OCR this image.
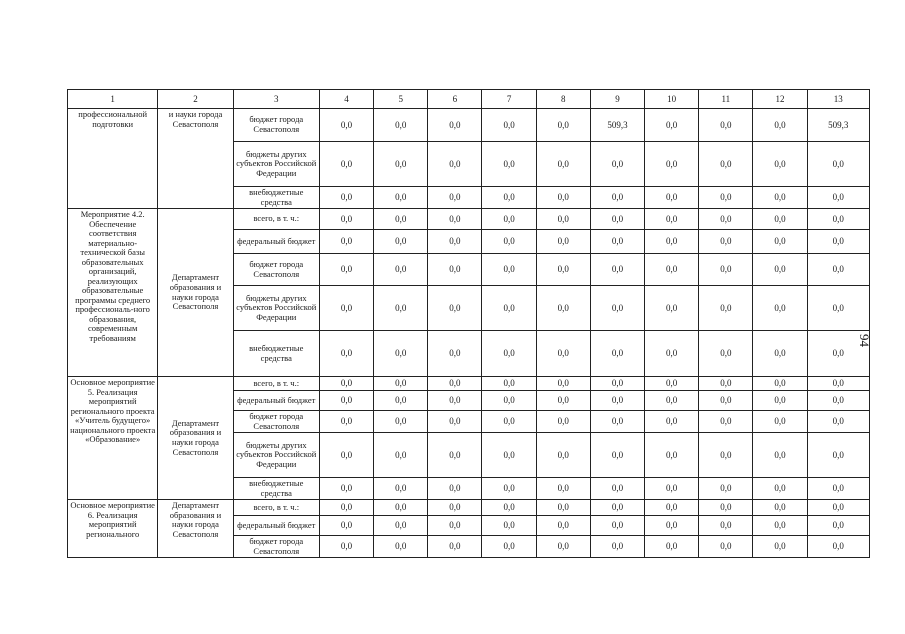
1	2	3	4	5	6	7	8	9	10	11	12	13
профессиональной подготовки	и науки города Севастополя	бюджет города Севастополя	0,0	0,0	0,0	0,0	0,0	509,3	0,0	0,0	0,0	509,3
		бюджеты других субъектов Российской Федерации	0,0	0,0	0,0	0,0	0,0	0,0	0,0	0,0	0,0	0,0
		внебюджетные средства	0,0	0,0	0,0	0,0	0,0	0,0	0,0	0,0	0,0	0,0
Мероприятие 4.2. Обеспечение соответствия материально-технической базы образовательных организаций, реализующих образовательные программы среднего профессиональ-ного образования, современным требованиям	Департамент образования и науки города Севастополя	всего, в т. ч.:	0,0	0,0	0,0	0,0	0,0	0,0	0,0	0,0	0,0	0,0
		федеральный бюджет	0,0	0,0	0,0	0,0	0,0	0,0	0,0	0,0	0,0	0,0
		бюджет города Севастополя	0,0	0,0	0,0	0,0	0,0	0,0	0,0	0,0	0,0	0,0
		бюджеты других субъектов Российской Федерации	0,0	0,0	0,0	0,0	0,0	0,0	0,0	0,0	0,0	0,0
		внебюджетные средства	0,0	0,0	0,0	0,0	0,0	0,0	0,0	0,0	0,0	0,0
Основное мероприятие 5. Реализация мероприятий регионального проекта «Учитель будущего» национального проекта «Образование»	Департамент образования и науки города Севастополя	всего, в т. ч.:	0,0	0,0	0,0	0,0	0,0	0,0	0,0	0,0	0,0	0,0
		федеральный бюджет	0,0	0,0	0,0	0,0	0,0	0,0	0,0	0,0	0,0	0,0
		бюджет города Севастополя	0,0	0,0	0,0	0,0	0,0	0,0	0,0	0,0	0,0	0,0
		бюджеты других субъектов Российской Федерации	0,0	0,0	0,0	0,0	0,0	0,0	0,0	0,0	0,0	0,0
		внебюджетные средства	0,0	0,0	0,0	0,0	0,0	0,0	0,0	0,0	0,0	0,0
Основное мероприятие 6. Реализация мероприятий регионального	Департамент образования и науки города Севастополя	всего, в т. ч.:	0,0	0,0	0,0	0,0	0,0	0,0	0,0	0,0	0,0	0,0
		федеральный бюджет	0,0	0,0	0,0	0,0	0,0	0,0	0,0	0,0	0,0	0,0
		бюджет города Севастополя	0,0	0,0	0,0	0,0	0,0	0,0	0,0	0,0	0,0	0,0
94
